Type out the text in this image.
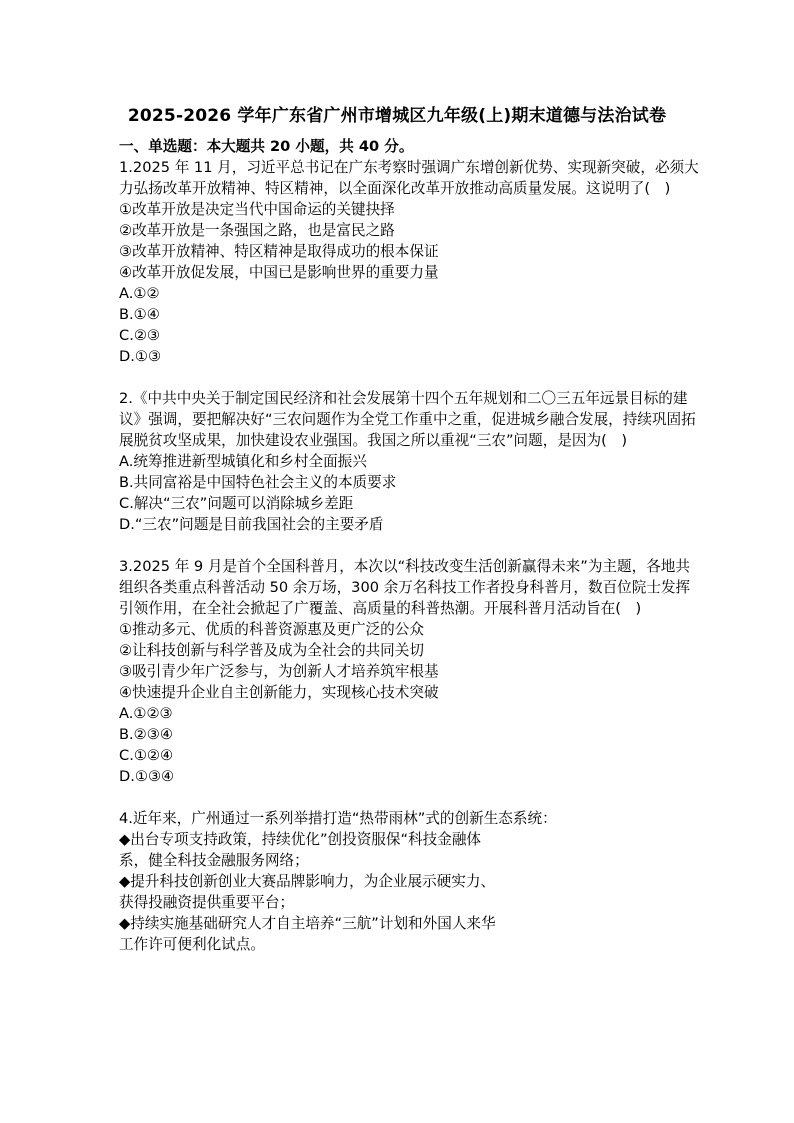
2025-2026 学年广东省广州市增城区九年级(上)期末道德与法治试卷
一、单选题：本大题共 20 小题，共 40 分。

1.2025 年 11 月，习近平总书记在广东考察时强调广东增创新优势、实现新突破，必须大力弘扬改革开放精神、特区精神，以全面深化改革开放推动高质量发展。这说明了(　)

①改革开放是决定当代中国命运的关键抉择
②改革开放是一条强国之路，也是富民之路
③改革开放精神、特区精神是取得成功的根本保证
④改革开放促发展，中国已是影响世界的重要力量
A.①②
B.①④
C.②③
D.①③

2.《中共中央关于制定国民经济和社会发展第十四个五年规划和二〇三五年远景目标的建议》强调，要把解决好“三农问题作为全党工作重中之重，促进城乡融合发展，持续巩固拓展脱贫攻坚成果，加快建设农业强国。我国之所以重视“三农”问题，是因为(　)

A.统筹推进新型城镇化和乡村全面振兴
B.共同富裕是中国特色社会主义的本质要求
C.解决“三农”问题可以消除城乡差距
D.“三农”问题是目前我国社会的主要矛盾

3.2025 年 9 月是首个全国科普月，本次以“科技改变生活创新赢得未来”为主题，各地共组织各类重点科普活动 50 余万场，300 余万名科技工作者投身科普月，数百位院士发挥引领作用，在全社会掀起了广覆盖、高质量的科普热潮。开展科普月活动旨在(　)

①推动多元、优质的科普资源惠及更广泛的公众
②让科技创新与科学普及成为全社会的共同关切
③吸引青少年广泛参与，为创新人才培养筑牢根基
④快速提升企业自主创新能力，实现核心技术突破
A.①②③
B.②③④
C.①②④
D.①③④
4.近年来，广州通过一系列举措打造“热带雨林”式的创新生态系统：
◆出台专项支持政策，持续优化”创投资服保“科技金融体
系，健全科技金融服务网络；
◆提升科技创新创业大赛品牌影响力，为企业展示硬实力、
获得投融资提供重要平台；
◆持续实施基础研究人才自主培养“三航”计划和外国人来华
工作许可便利化试点。
